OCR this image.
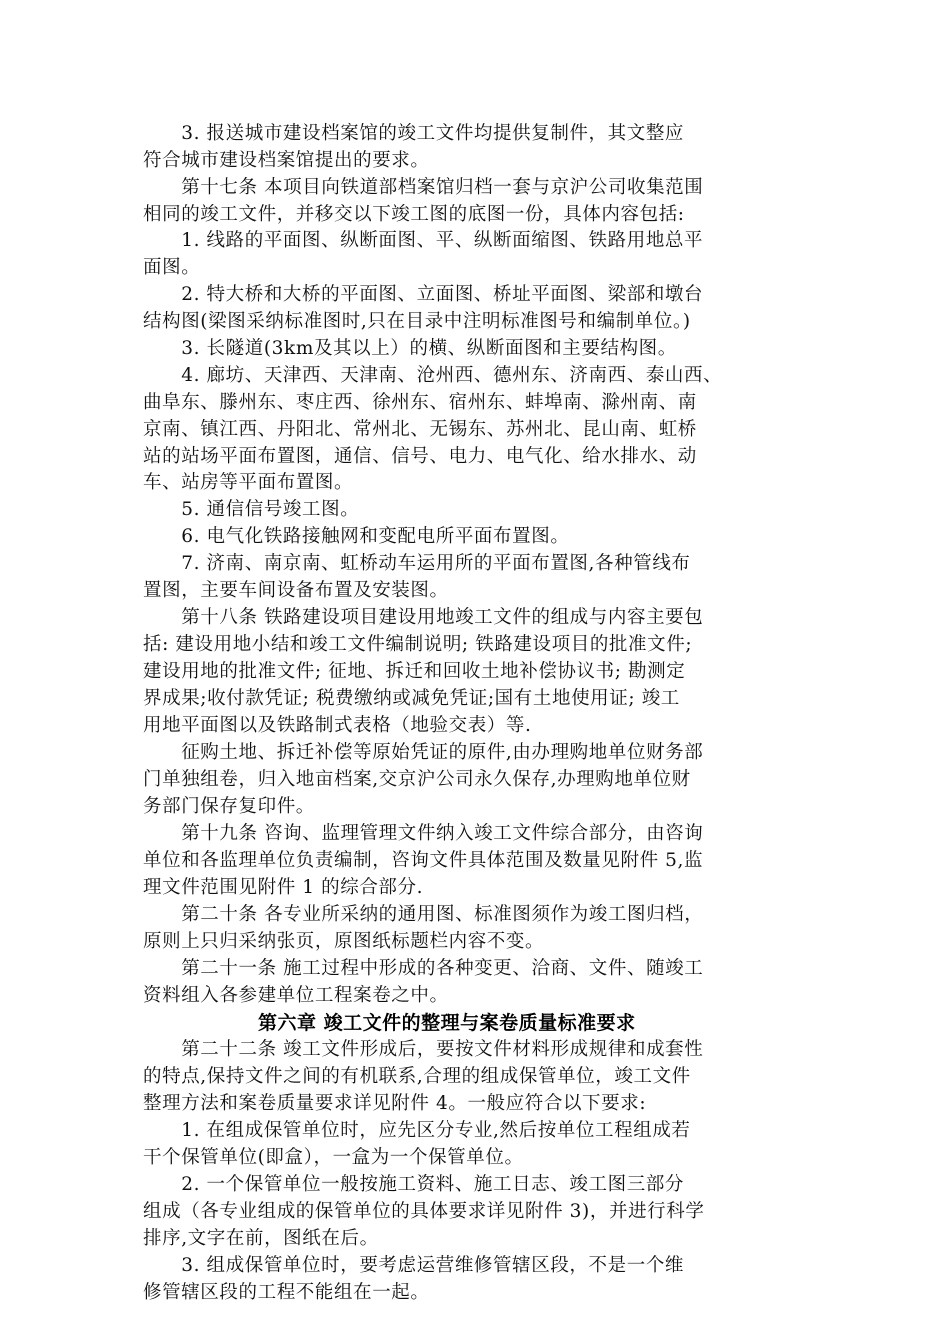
　　3. 报送城市建设档案馆的竣工文件均提供复制件，其文整应
符合城市建设档案馆提出的要求。
　　第十七条 本项目向铁道部档案馆归档一套与京沪公司收集范围
相同的竣工文件，并移交以下竣工图的底图一份，具体内容包括:
　　1. 线路的平面图、纵断面图、平、纵断面缩图、铁路用地总平
面图。
　　2. 特大桥和大桥的平面图、立面图、桥址平面图、梁部和墩台
结构图(梁图采纳标准图时,只在目录中注明标准图号和编制单位。)
　　3. 长隧道(3km及其以上）的横、纵断面图和主要结构图。
　　4. 廊坊、天津西、天津南、沧州西、德州东、济南西、泰山西、
曲阜东、滕州东、枣庄西、徐州东、宿州东、蚌埠南、滁州南、南
京南、镇江西、丹阳北、常州北、无锡东、苏州北、昆山南、虹桥
站的站场平面布置图，通信、信号、电力、电气化、给水排水、动
车、站房等平面布置图。
　　5. 通信信号竣工图。
　　6. 电气化铁路接触网和变配电所平面布置图。
　　7. 济南、南京南、虹桥动车运用所的平面布置图,各种管线布
置图，主要车间设备布置及安装图。
　　第十八条 铁路建设项目建设用地竣工文件的组成与内容主要包
括: 建设用地小结和竣工文件编制说明; 铁路建设项目的批准文件;
建设用地的批准文件; 征地、拆迁和回收土地补偿协议书; 勘测定
界成果;收付款凭证; 税费缴纳或减免凭证;国有土地使用证; 竣工
用地平面图以及铁路制式表格（地验交表）等.
　　征购土地、拆迁补偿等原始凭证的原件,由办理购地单位财务部
门单独组卷，归入地亩档案,交京沪公司永久保存,办理购地单位财
务部门保存复印件。
　　第十九条 咨询、监理管理文件纳入竣工文件综合部分，由咨询
单位和各监理单位负责编制，咨询文件具体范围及数量见附件 5,监
理文件范围见附件 1 的综合部分.
　　第二十条 各专业所采纳的通用图、标准图须作为竣工图归档，
原则上只归采纳张页，原图纸标题栏内容不变。
　　第二十一条 施工过程中形成的各种变更、洽商、文件、随竣工
资料组入各参建单位工程案卷之中。
第六章 竣工文件的整理与案卷质量标准要求
　　第二十二条 竣工文件形成后，要按文件材料形成规律和成套性
的特点,保持文件之间的有机联系,合理的组成保管单位，竣工文件
整理方法和案卷质量要求详见附件 4。一般应符合以下要求:
　　1. 在组成保管单位时，应先区分专业,然后按单位工程组成若
干个保管单位(即盒），一盒为一个保管单位。
　　2. 一个保管单位一般按施工资料、施工日志、竣工图三部分
组成（各专业组成的保管单位的具体要求详见附件 3)，并进行科学
排序,文字在前，图纸在后。
　　3. 组成保管单位时，要考虑运营维修管辖区段，不是一个维
修管辖区段的工程不能组在一起。
